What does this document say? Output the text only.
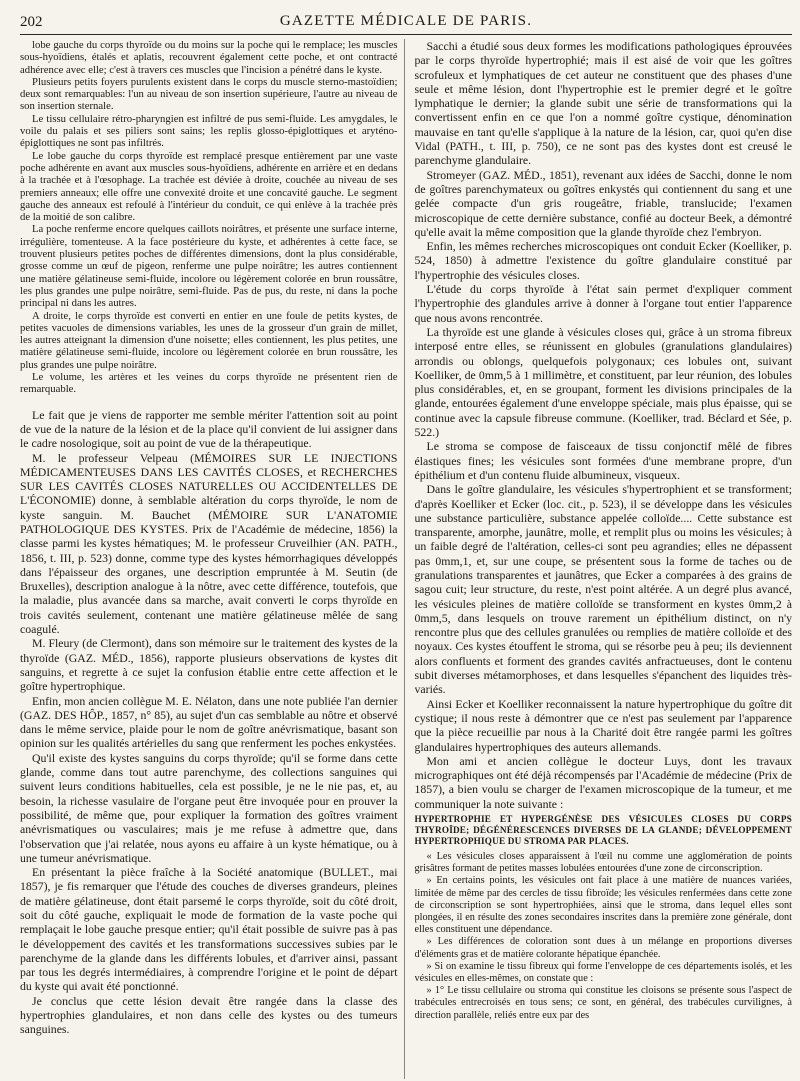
202	GAZETTE MÉDICALE DE PARIS.

lobe gauche du corps thyroïde ou du moins sur la poche qui le remplace; les muscles sous-hyoïdiens, étalés et aplatis, recouvrent également cette poche, et ont contracté adhérence avec elle; c'est à travers ces muscles que l'incision a pénétré dans le kyste.

Plusieurs petits foyers purulents existent dans le corps du muscle sterno-mastoïdien; deux sont remarquables: l'un au niveau de son insertion supérieure, l'autre au niveau de son insertion sternale.

Le tissu cellulaire rétro-pharyngien est infiltré de pus semi-fluide. Les amygdales, le voile du palais et ses piliers sont sains; les replis glosso-épiglottiques et aryténo-épiglottiques ne sont pas infiltrés.

Le lobe gauche du corps thyroïde est remplacé presque entièrement par une vaste poche adhérente en avant aux muscles sous-hyoïdiens, adhérente en arrière et en dedans à la trachée et à l'œsophage. La trachée est déviée à droite, couchée au niveau de ses premiers anneaux; elle offre une convexité droite et une concavité gauche. Le segment gauche des anneaux est refoulé à l'intérieur du conduit, ce qui enlève à la trachée près de la moitié de son calibre.

La poche renferme encore quelques caillots noirâtres, et présente une surface interne, irrégulière, tomenteuse. A la face postérieure du kyste, et adhérentes à cette face, se trouvent plusieurs petites poches de différentes dimensions, dont la plus considérable, grosse comme un œuf de pigeon, renferme une pulpe noirâtre; les autres contiennent une matière gélatineuse semi-fluide, incolore ou légèrement colorée en brun roussâtre, les plus grandes une pulpe noirâtre, semi-fluide. Pas de pus, du reste, ni dans la poche principal ni dans les autres.

A droite, le corps thyroïde est converti en entier en une foule de petits kystes, de petites vacuoles de dimensions variables, les unes de la grosseur d'un grain de millet, les autres atteignant la dimension d'une noisette; elles contiennent, les plus petites, une matière gélatineuse semi-fluide, incolore ou légèrement colorée en brun roussâtre, les plus grandes une pulpe noirâtre.

Le volume, les artères et les veines du corps thyroïde ne présentent rien de remarquable.

Le fait que je viens de rapporter me semble mériter l'attention soit au point de vue de la nature de la lésion et de la place qu'il convient de lui assigner dans le cadre nosologique, soit au point de vue de la thérapeutique.

M. le professeur Velpeau (MÉMOIRES SUR LE INJECTIONS MÉDICAMENTEUSES DANS LES CAVITÉS CLOSES, et RECHERCHES SUR LES CAVITÉS CLOSES NATURELLES OU ACCIDENTELLES DE L'ÉCONOMIE) donne, à semblable altération du corps thyroïde, le nom de kyste sanguin. M. Bauchet (MÉMOIRE SUR L'ANATOMIE PATHOLOGIQUE DES KYSTES. Prix de l'Académie de médecine, 1856) la classe parmi les kystes hématiques; M. le professeur Cruveilhier (AN. PATH., 1856, t. III, p. 523) donne, comme type des kystes hémorrhagiques développés dans l'épaisseur des organes, une description empruntée à M. Seutin (de Bruxelles), description analogue à la nôtre, avec cette différence, toutefois, que la maladie, plus avancée dans sa marche, avait converti le corps thyroïde en trois cavités seulement, contenant une matière gélatineuse mêlée de sang coagulé.

M. Fleury (de Clermont), dans son mémoire sur le traitement des kystes de la thyroïde (GAZ. MÉD., 1856), rapporte plusieurs observations de kystes dit sanguins, et regrette à ce sujet la confusion établie entre cette affection et le goître hypertrophique.

Enfin, mon ancien collègue M. E. Nélaton, dans une note publiée l'an dernier (GAZ. DES HÔP., 1857, n° 85), au sujet d'un cas semblable au nôtre et observé dans le même service, plaide pour le nom de goître anévrismatique, basant son opinion sur les qualités artérielles du sang que renferment les poches enkystées.

Qu'il existe des kystes sanguins du corps thyroïde; qu'il se forme dans cette glande, comme dans tout autre parenchyme, des collections sanguines qui suivent leurs conditions habituelles, cela est possible, je ne le nie pas, et, au besoin, la richesse vasulaire de l'organe peut être invoquée pour en prouver la possibilité, de même que, pour expliquer la formation des goîtres vraiment anévrismatiques ou vasculaires; mais je me refuse à admettre que, dans l'observation que j'ai relatée, nous ayons eu affaire à un kyste hématique, ou à une tumeur anévrismatique.

En présentant la pièce fraîche à la Société anatomique (BULLET., mai 1857), je fis remarquer que l'étude des couches de diverses grandeurs, pleines de matière gélatineuse, dont était parsemé le corps thyroïde, soit du côté droit, soit du côté gauche, expliquait le mode de formation de la vaste poche qui remplaçait le lobe gauche presque entier; qu'il était possible de suivre pas à pas le développement des cavités et les transformations successives subies par le parenchyme de la glande dans les différents lobules, et d'arriver ainsi, passant par tous les degrés intermédiaires, à comprendre l'origine et le point de départ du kyste qui avait été ponctionné.

Je conclus que cette lésion devait être rangée dans la classe des hypertrophies glandulaires, et non dans celle des kystes ou des tumeurs sanguines.

Sacchi a étudié sous deux formes les modifications pathologiques éprouvées par le corps thyroïde hypertrophié; mais il est aisé de voir que les goîtres scrofuleux et lymphatiques de cet auteur ne constituent que des phases d'une seule et même lésion, dont l'hypertrophie est le premier degré et le goître lymphatique le dernier; la glande subit une série de transformations qui la convertissent enfin en ce que l'on a nommé goître cystique, dénomination mauvaise en tant qu'elle s'applique à la nature de la lésion, car, quoi qu'en dise Vidal (PATH., t. III, p. 750), ce ne sont pas des kystes dont est creusé le parenchyme glandulaire.

Stromeyer (GAZ. MÉD., 1851), revenant aux idées de Sacchi, donne le nom de goîtres parenchymateux ou goîtres enkystés qui contiennent du sang et une gelée compacte d'un gris rougeâtre, friable, translucide; l'examen microscopique de cette dernière substance, confié au docteur Beek, a démontré qu'elle avait la même composition que la glande thyroïde chez l'embryon.

Enfin, les mêmes recherches microscopiques ont conduit Ecker (Koelliker, p. 524, 1850) à admettre l'existence du goître glandulaire constitué par l'hypertrophie des vésicules closes.

L'étude du corps thyroïde à l'état sain permet d'expliquer comment l'hypertrophie des glandules arrive à donner à l'organe tout entier l'apparence que nous avons rencontrée.

La thyroïde est une glande à vésicules closes qui, grâce à un stroma fibreux interposé entre elles, se réunissent en globules (granulations glandulaires) arrondis ou oblongs, quelquefois polygonaux; ces lobules ont, suivant Koelliker, de 0mm,5 à 1 millimètre, et constituent, par leur réunion, des lobules plus considérables, et, en se groupant, forment les divisions principales de la glande, entourées également d'une enveloppe spéciale, mais plus épaisse, qui se continue avec la capsule fibreuse commune. (Koelliker, trad. Béclard et Sée, p. 522.)

Le stroma se compose de faisceaux de tissu conjonctif mêlé de fibres élastiques fines; les vésicules sont formées d'une membrane propre, d'un épithélium et d'un contenu fluide albumineux, visqueux.

Dans le goître glandulaire, les vésicules s'hypertrophient et se transforment; d'après Koelliker et Ecker (loc. cit., p. 523), il se développe dans les vésicules une substance particulière, substance appelée colloïde.... Cette substance est transparente, amorphe, jaunâtre, molle, et remplit plus ou moins les vésicules; à un faible degré de l'altération, celles-ci sont peu agrandies; elles ne dépassent pas 0mm,1, et, sur une coupe, se présentent sous la forme de taches ou de granulations transparentes et jaunâtres, que Ecker a comparées à des grains de sagou cuit; leur structure, du reste, n'est point altérée. A un degré plus avancé, les vésicules pleines de matière colloïde se transforment en kystes 0mm,2 à 0mm,5, dans lesquels on trouve rarement un épithélium distinct, on n'y rencontre plus que des cellules granulées ou remplies de matière colloïde et des noyaux. Ces kystes étouffent le stroma, qui se résorbe peu à peu; ils deviennent alors confluents et forment des grandes cavités anfractueuses, dont le contenu subit diverses métamorphoses, et dans lesquelles s'épanchent des liquides très-variés.

Ainsi Ecker et Koelliker reconnaissent la nature hypertrophique du goître dit cystique; il nous reste à démontrer que ce n'est pas seulement par l'apparence que la pièce recueillie par nous à la Charité doit être rangée parmi les goîtres glandulaires hypertrophiques des auteurs allemands.

Mon ami et ancien collègue le docteur Luys, dont les travaux micrographiques ont été déjà récompensés par l'Académie de médecine (Prix de 1857), a bien voulu se charger de l'examen microscopique de la tumeur, et me communiquer la note suivante :

HYPERTROPHIE ET HYPERGÉNÈSE DES VÉSICULES CLOSES DU CORPS THYROÏDE; DÉGÉNÉRESCENCES DIVERSES DE LA GLANDE; DÉVELOPPEMENT HYPERTROPHIQUE DU STROMA PAR PLACES.

« Les vésicules closes apparaissent à l'œil nu comme une agglomération de points grisâtres formant de petites masses lobulées entourées d'une zone de circonscription.

» En certains points, les vésicules ont fait place à une matière de nuances variées, limitée de même par des cercles de tissu fibroïde; les vésicules renfermées dans cette zone de circonscription se sont hypertrophiées, ainsi que le stroma, dans lequel elles sont plongées, il en résulte des zones secondaires inscrites dans la première zone générale, dont elles constituent une dépendance.

» Les différences de coloration sont dues à un mélange en proportions diverses d'éléments gras et de matière colorante hépatique épanchée.

» Si on examine le tissu fibreux qui forme l'enveloppe de ces départements isolés, et les vésicules en elles-mêmes, on constate que :

» 1° Le tissu cellulaire ou stroma qui constitue les cloisons se présente sous l'aspect de trabécules entrecroisés en tous sens; ce sont, en général, des trabécules curvilignes, à direction parallèle, reliés entre eux par des
